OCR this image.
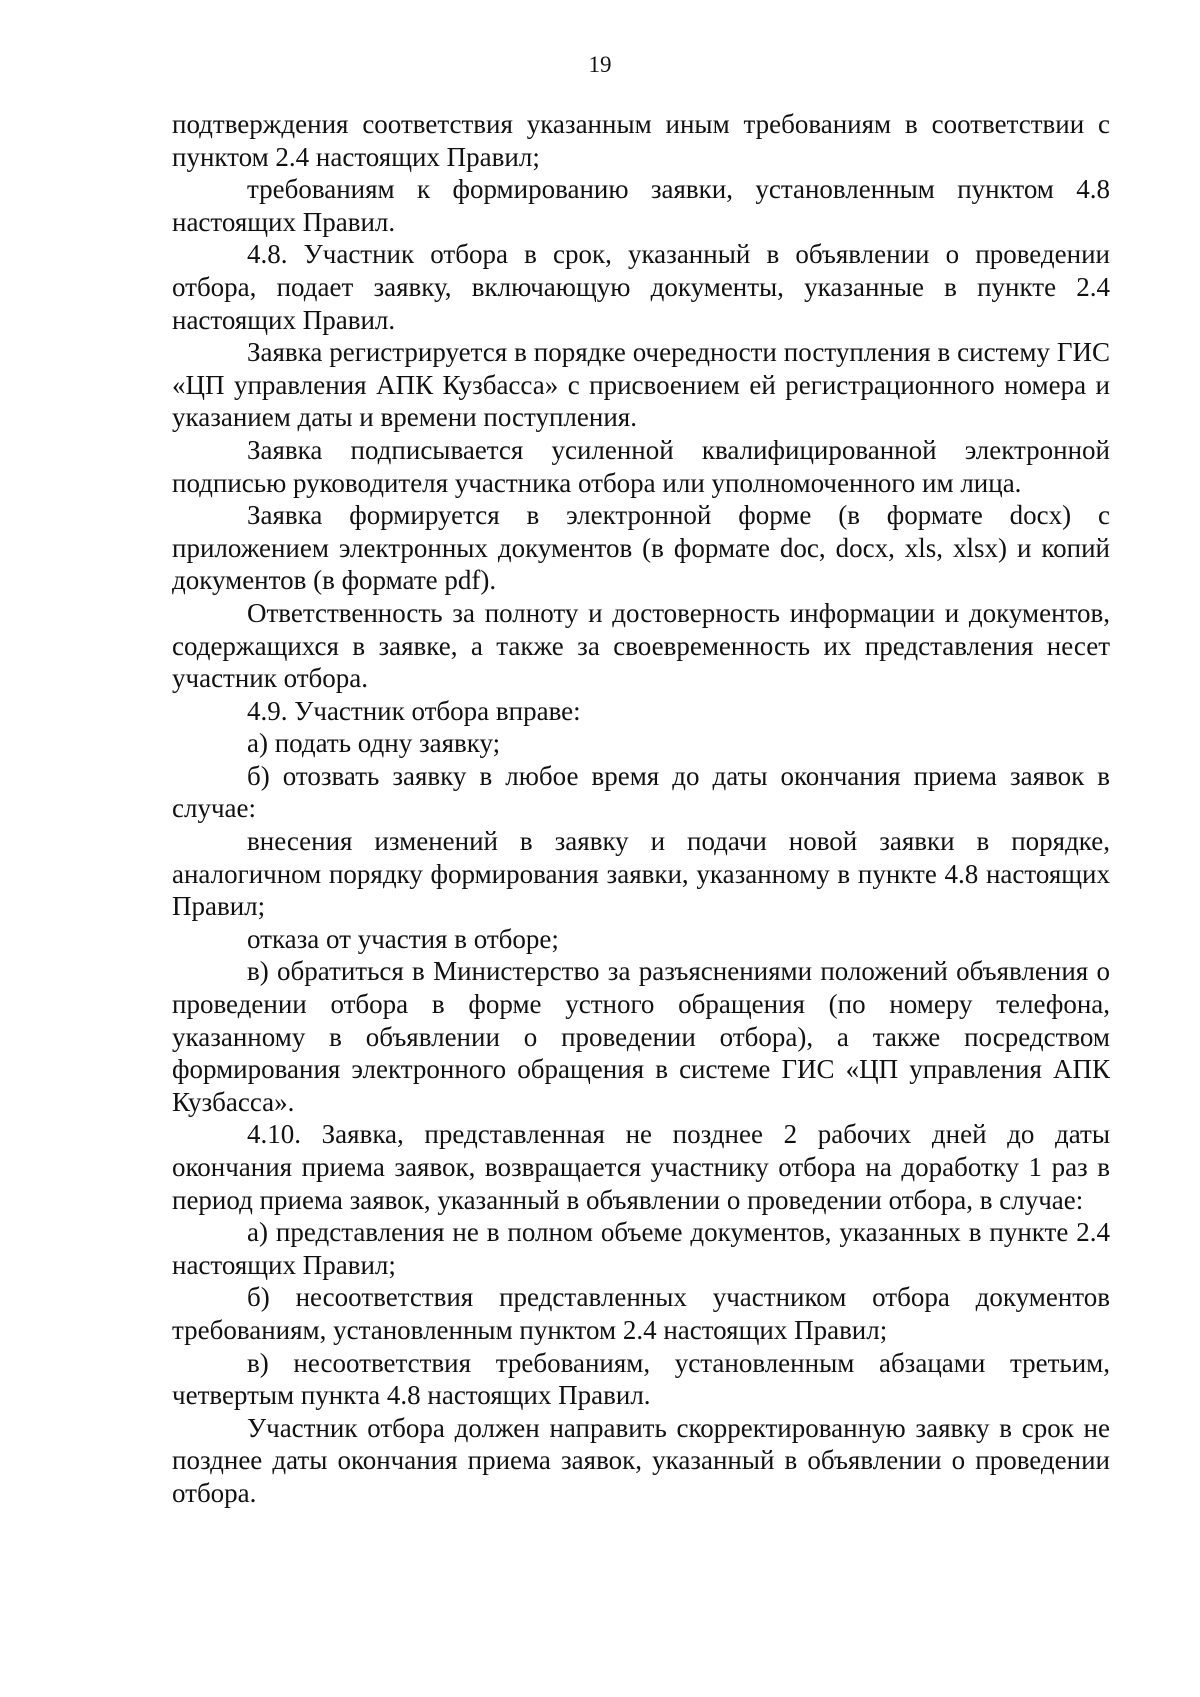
19

подтверждения соответствия указанным иным требованиям в соответствии с пунктом 2.4 настоящих Правил;

требованиям к формированию заявки, установленным пунктом 4.8 настоящих Правил.

4.8. Участник отбора в срок, указанный в объявлении о проведении отбора, подает заявку, включающую документы, указанные в пункте 2.4 настоящих Правил.

Заявка регистрируется в порядке очередности поступления в систему ГИС «ЦП управления АПК Кузбасса» с присвоением ей регистрационного номера и указанием даты и времени поступления.

Заявка подписывается усиленной квалифицированной электронной подписью руководителя участника отбора или уполномоченного им лица.

Заявка формируется в электронной форме (в формате docx) с приложением электронных документов (в формате doc, docx, xls, xlsx) и копий документов (в формате pdf).

Ответственность за полноту и достоверность информации и документов, содержащихся в заявке, а также за своевременность их представления несет участник отбора.

4.9. Участник отбора вправе:

а) подать одну заявку;

б) отозвать заявку в любое время до даты окончания приема заявок в случае:

внесения изменений в заявку и подачи новой заявки в порядке, аналогичном порядку формирования заявки, указанному в пункте 4.8 настоящих Правил;

отказа от участия в отборе;

в) обратиться в Министерство за разъяснениями положений объявления о проведении отбора в форме устного обращения (по номеру телефона, указанному в объявлении о проведении отбора), а также посредством формирования электронного обращения в системе ГИС «ЦП управления АПК Кузбасса».

4.10. Заявка, представленная не позднее 2 рабочих дней до даты окончания приема заявок, возвращается участнику отбора на доработку 1 раз в период приема заявок, указанный в объявлении о проведении отбора, в случае:

а) представления не в полном объеме документов, указанных в пункте 2.4 настоящих Правил;

б) несоответствия представленных участником отбора документов требованиям, установленным пунктом 2.4 настоящих Правил;

в) несоответствия требованиям, установленным абзацами третьим, четвертым пункта 4.8 настоящих Правил.

Участник отбора должен направить скорректированную заявку в срок не позднее даты окончания приема заявок, указанный в объявлении о проведении отбора.
